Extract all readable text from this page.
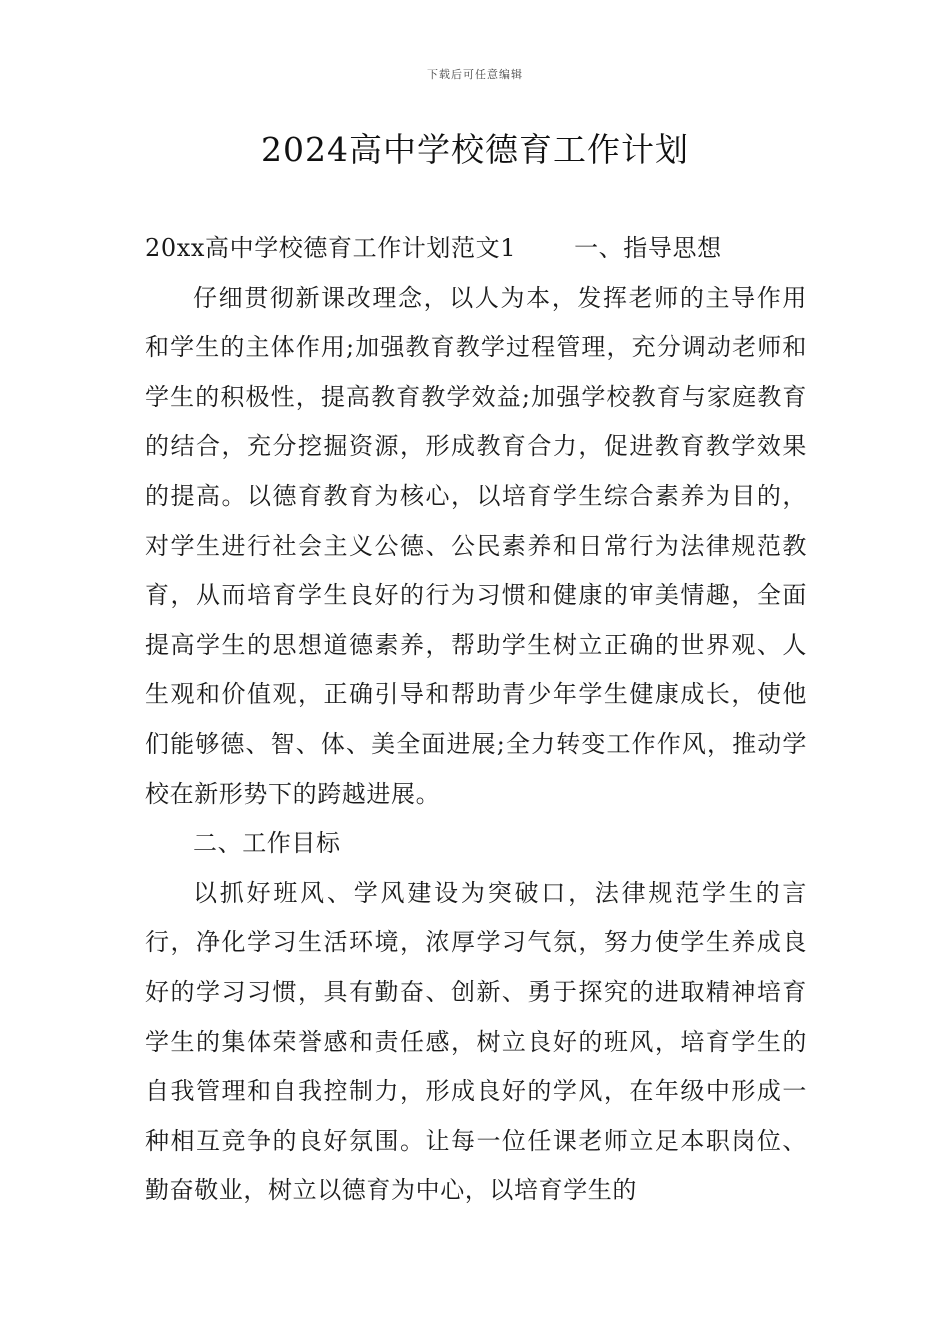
下载后可任意编辑
2024高中学校德育工作计划

20xx高中学校德育工作计划范文1 一、指导思想

仔细贯彻新课改理念，以人为本，发挥老师的主导作用和学生的主体作用;加强教育教学过程管理，充分调动老师和学生的积极性，提高教育教学效益;加强学校教育与家庭教育的结合，充分挖掘资源，形成教育合力，促进教育教学效果的提高。以德育教育为核心，以培育学生综合素养为目的，对学生进行社会主义公德、公民素养和日常行为法律规范教育，从而培育学生良好的行为习惯和健康的审美情趣，全面提高学生的思想道德素养，帮助学生树立正确的世界观、人生观和价值观，正确引导和帮助青少年学生健康成长，使他们能够德、智、体、美全面进展;全力转变工作作风，推动学校在新形势下的跨越进展。

二、工作目标

以抓好班风、学风建设为突破口，法律规范学生的言行，净化学习生活环境，浓厚学习气氛，努力使学生养成良好的学习习惯，具有勤奋、创新、勇于探究的进取精神培育学生的集体荣誉感和责任感，树立良好的班风，培育学生的自我管理和自我控制力，形成良好的学风，在年级中形成一种相互竞争的良好氛围。让每一位任课老师立足本职岗位、勤奋敬业，树立以德育为中心，以培育学生的
